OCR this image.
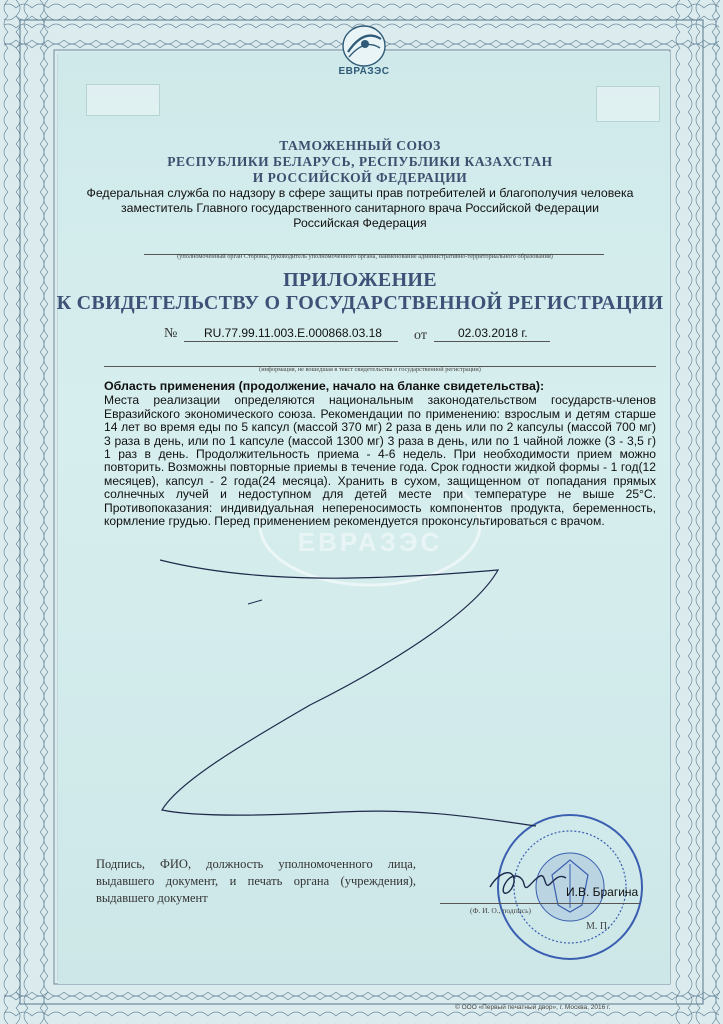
ЕВРАЗЭС
ТАМОЖЕННЫЙ СОЮЗ
РЕСПУБЛИКИ БЕЛАРУСЬ, РЕСПУБЛИКИ КАЗАХСТАН
И РОССИЙСКОЙ ФЕДЕРАЦИИ
Федеральная служба по надзору в сфере защиты прав потребителей и благополучия человека
заместитель Главного государственного санитарного врача Российской Федерации
Российская Федерация
(уполномоченный орган Стороны, руководитель уполномоченного органа, наименование административно-территориального образования)
ПРИЛОЖЕНИЕ
К СВИДЕТЕЛЬСТВУ О ГОСУДАРСТВЕННОЙ РЕГИСТРАЦИИ
№ RU.77.99.11.003.E.000868.03.18 от	02.03.2018 г.
(информация, не вошедшая в текст свидетельства о государственной регистрации)
ЕВРАЗЭС
Область применения (продолжение, начало на бланке свидетельства):
Места реализации определяются национальным законодательством государств-членов Евразийского экономического союза. Рекомендации по применению: взрослым и детям старше 14 лет во время еды по 5 капсул (массой 370 мг) 2 раза в день или по 2 капсулы (массой 700 мг) 3 раза в день, или по 1 капсуле (массой 1300 мг) 3 раза в день, или по 1 чайной ложке (3 - 3,5 г) 1 раз в день. Продолжительность приема - 4-6 недель. При необходимости прием можно повторить. Возможны повторные приемы в течение года. Срок годности жидкой формы - 1 год(12 месяцев), капсул - 2 года(24 месяца). Хранить в сухом, защищенном от попадания прямых солнечных лучей и недоступном для детей месте при температуре не выше 25°С. Противопоказания: индивидуальная непереносимость компонентов продукта, беременность, кормление грудью. Перед применением рекомендуется проконсультироваться с врачом.
Подпись, ФИО, должность уполномоченного лица, выдавшего документ, и печать органа (учреждения), выдавшего документ	И.В. Брагина
(Ф. И. О., подпись)
М. П.
© ООО «Первый печатный двор», г. Москва, 2016 г.
